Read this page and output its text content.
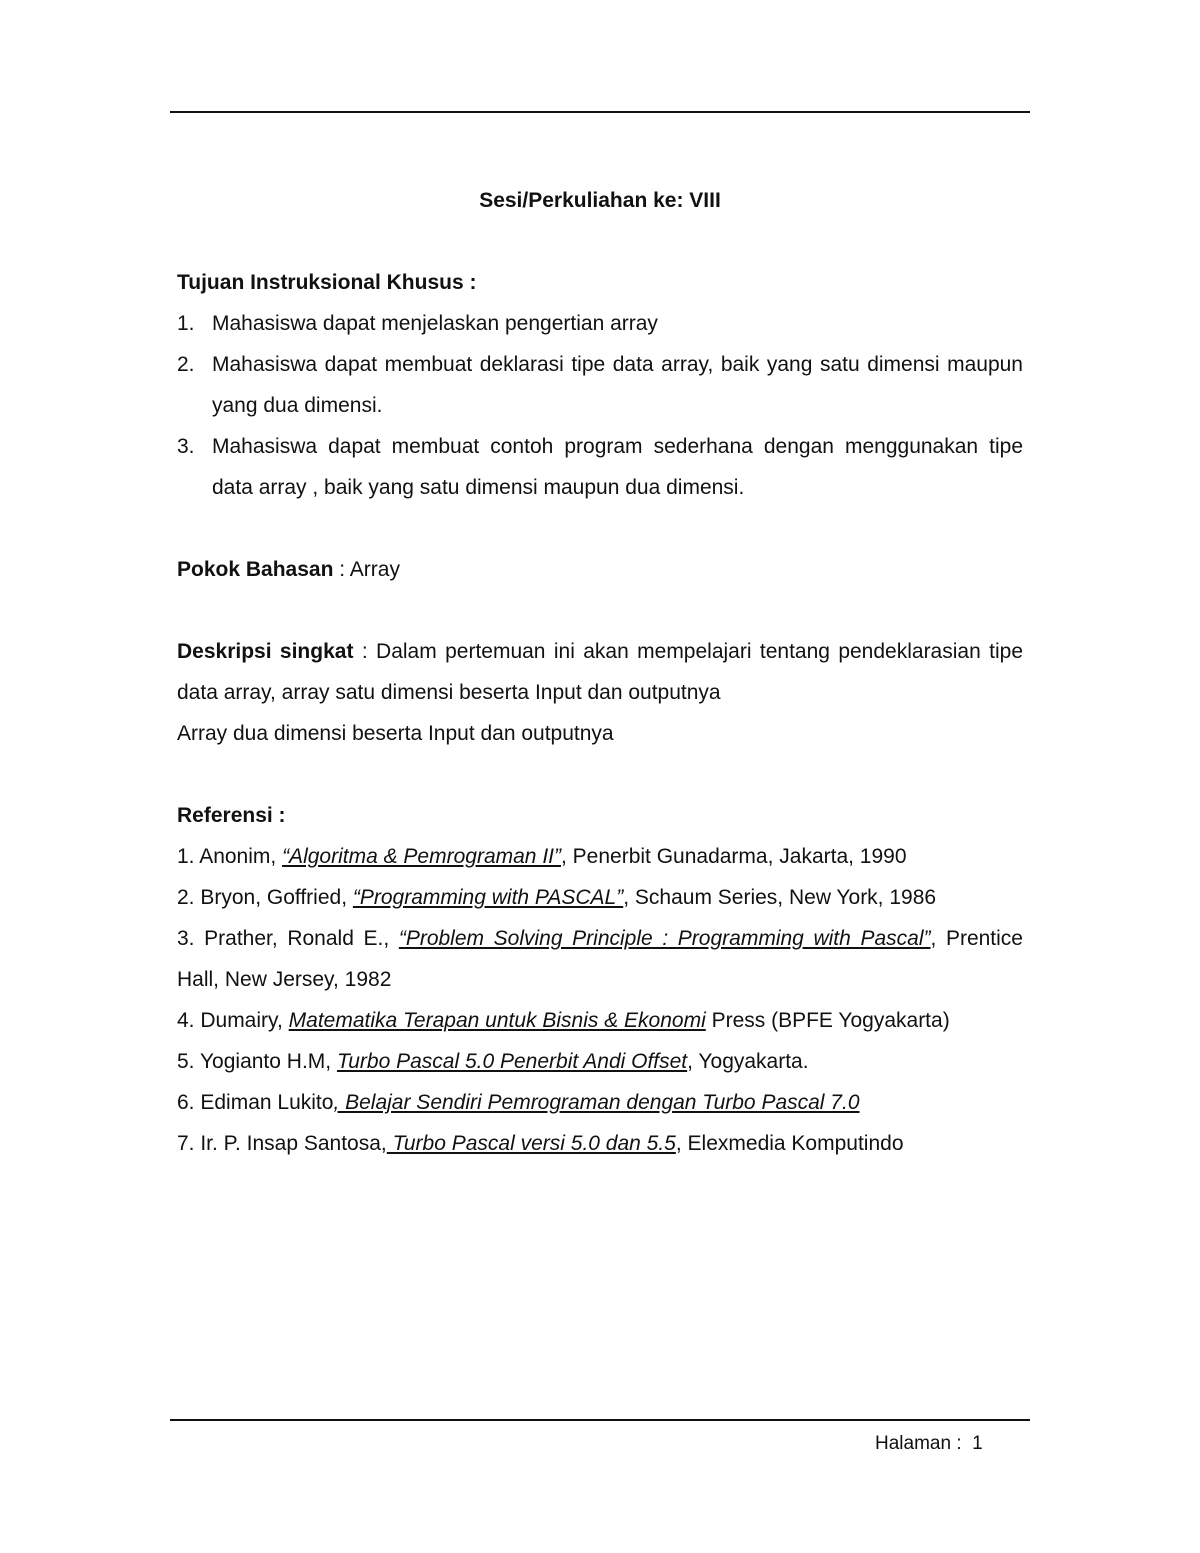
Sesi/Perkuliahan ke: VIII

Tujuan Instruksional Khusus :

1. Mahasiswa dapat menjelaskan pengertian array
2. Mahasiswa dapat membuat deklarasi tipe data array, baik yang satu dimensi maupun yang dua dimensi.
3. Mahasiswa dapat membuat contoh program sederhana dengan menggunakan tipe data array , baik yang satu dimensi maupun dua dimensi.

Pokok Bahasan : Array

Deskripsi singkat : Dalam pertemuan ini akan mempelajari tentang pendeklarasian tipe data array, array satu dimensi beserta Input dan outputnya

Array dua dimensi beserta Input dan outputnya

Referensi :

1. Anonim, “Algoritma & Pemrograman II”, Penerbit Gunadarma, Jakarta, 1990

2. Bryon, Goffried, “Programming with PASCAL”, Schaum Series, New York, 1986

3. Prather, Ronald E., “Problem Solving Principle : Programming with Pascal”, Prentice Hall, New Jersey, 1982

4. Dumairy, Matematika Terapan untuk Bisnis & Ekonomi Press (BPFE Yogyakarta)

5. Yogianto H.M, Turbo Pascal 5.0 Penerbit Andi Offset, Yogyakarta.

6. Ediman Lukito, Belajar Sendiri Pemrograman dengan Turbo Pascal 7.0

7. Ir. P. Insap Santosa, Turbo Pascal versi 5.0 dan 5.5, Elexmedia Komputindo

Halaman :  1
